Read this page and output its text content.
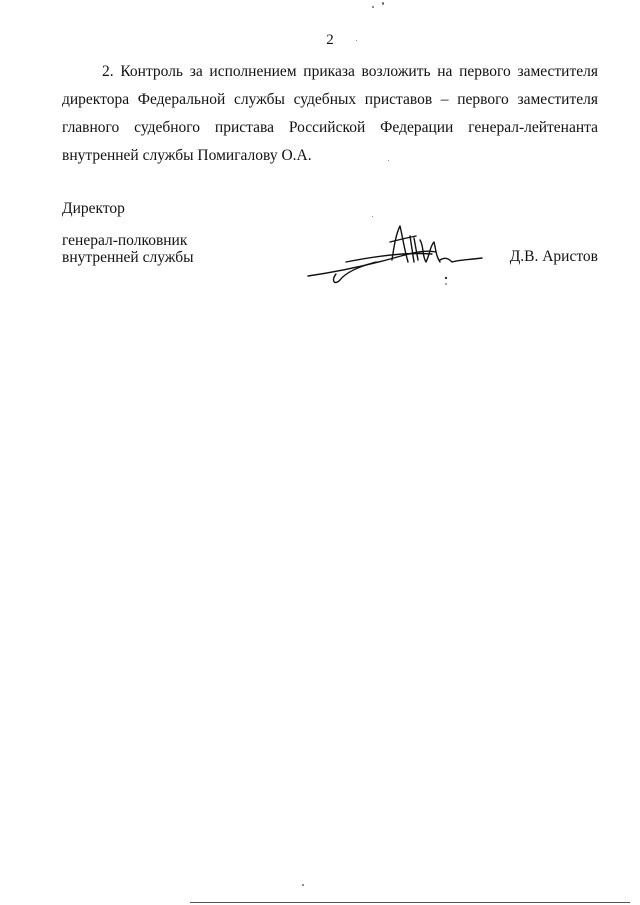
2
2. Контроль за исполнением приказа возложить на первого заместителя директора Федеральной службы судебных приставов – первого заместителя главного судебного пристава Российской Федерации генерал-лейтенанта внутренней службы Помигалову О.А.
Директор
генерал-полковник
внутренней службы	Д.В. Аристов
